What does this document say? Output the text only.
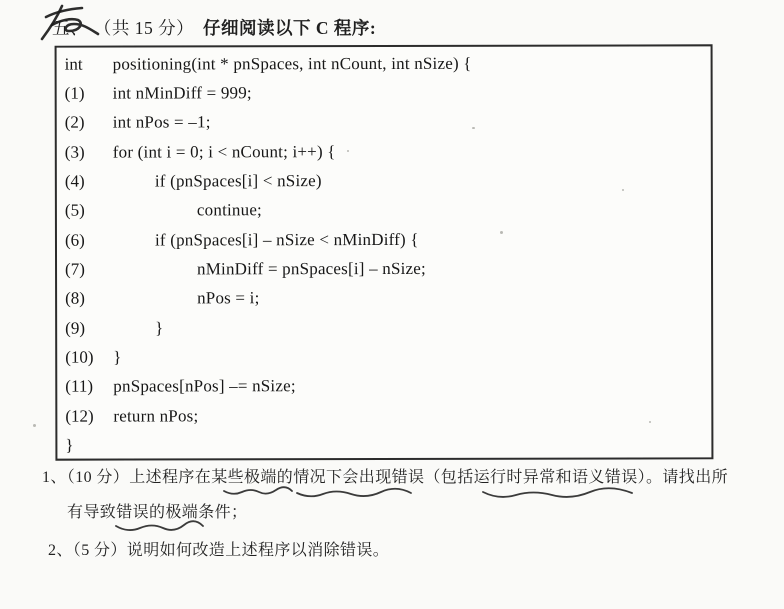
五、 （共 15 分） 仔细阅读以下 C 程序:
int	positioning(int * pnSpaces, int nCount, int nSize) {
(1)	int nMinDiff = 999;
(2)	int nPos = –1;
(3)	for (int i = 0; i < nCount; i++) {
(4)	if (pnSpaces[i] < nSize)
(5)	continue;
(6)	if (pnSpaces[i] – nSize < nMinDiff) {
(7)	nMinDiff = pnSpaces[i] – nSize;
(8)	nPos = i;
(9)	}
(10)	}
(11)	pnSpaces[nPos] –= nSize;
(12)	return nPos;
}
1、（10 分）上述程序在某些极端的情况下会出现错误（包括运行时异常和语义错误）。请找出所
有导致错误的极端条件；
2、（5 分）说明如何改造上述程序以消除错误。
